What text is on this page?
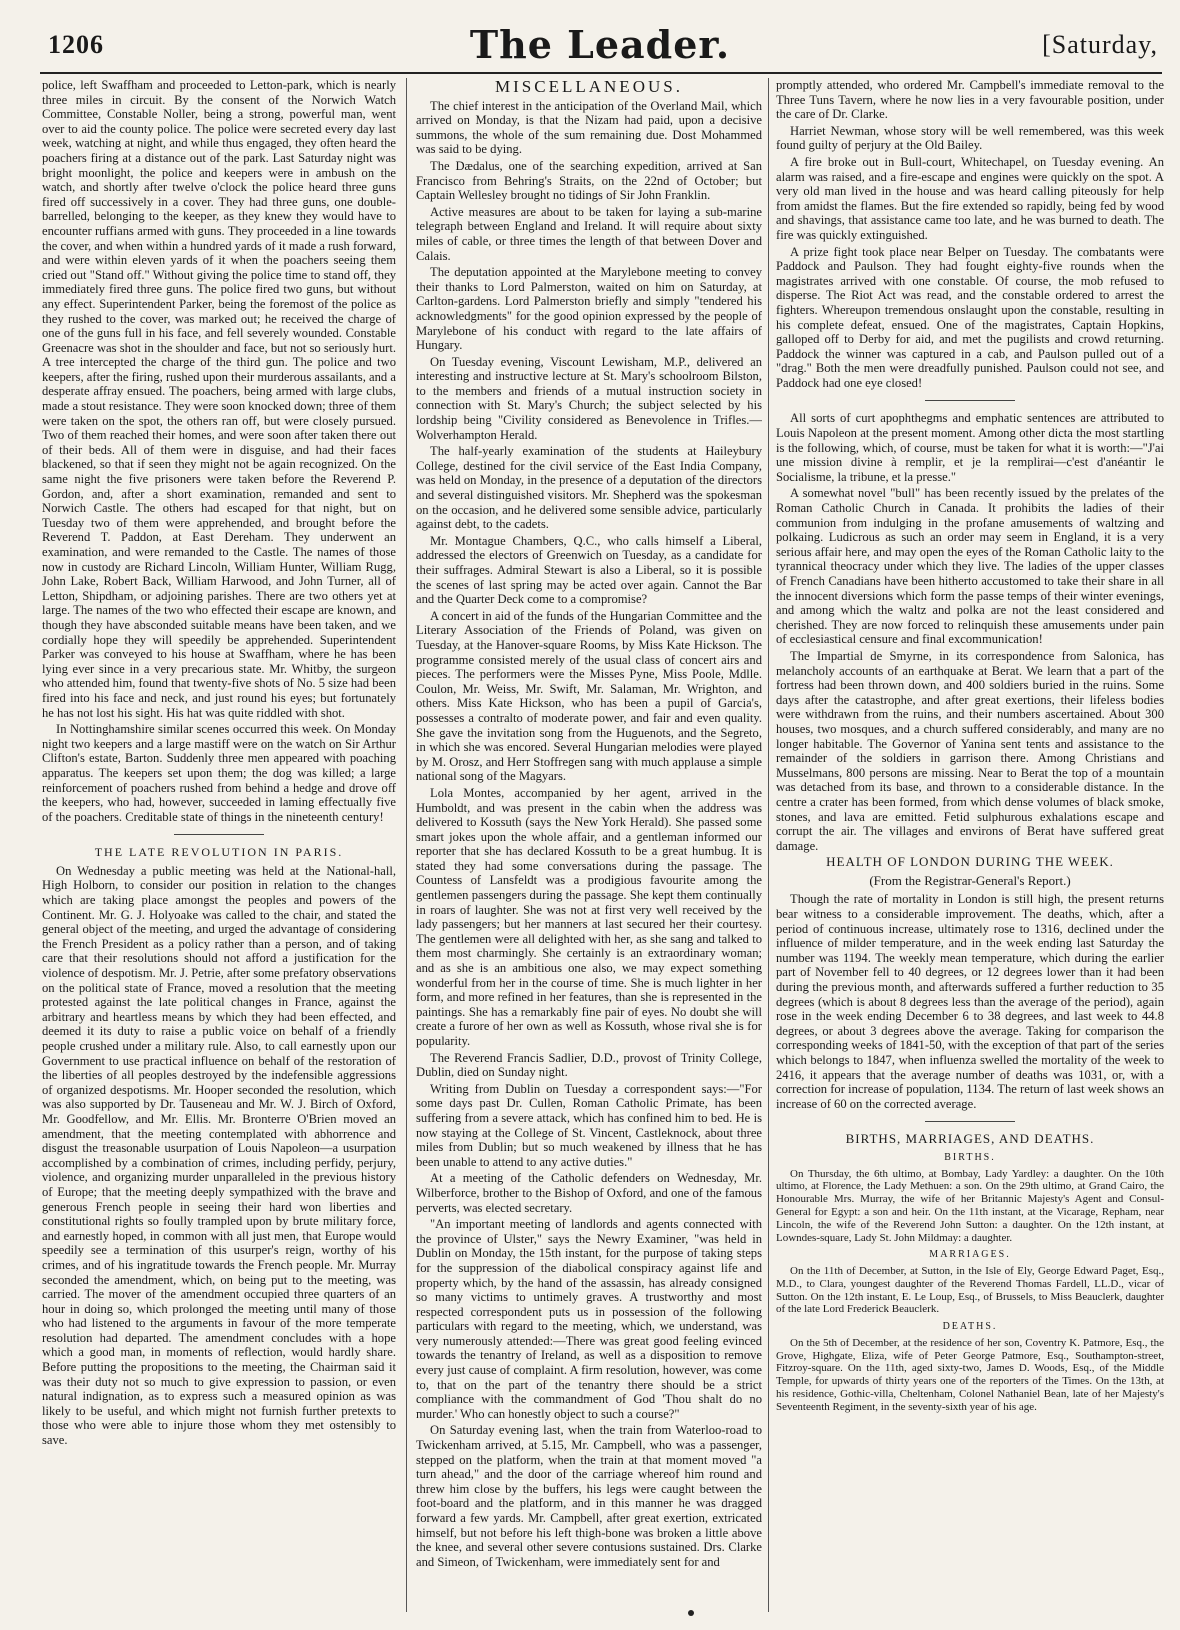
1206	The Leader.	[Saturday,

police, left Swaffham and proceeded to Letton-park, which is nearly three miles in circuit. By the consent of the Norwich Watch Committee, Constable Noller, being a strong, powerful man, went over to aid the county police. The police were secreted every day last week, watching at night, and while thus engaged, they often heard the poachers firing at a distance out of the park. Last Saturday night was bright moonlight, the police and keepers were in ambush on the watch, and shortly after twelve o'clock the police heard three guns fired off successively in a cover. They had three guns, one double-barrelled, belonging to the keeper, as they knew they would have to encounter ruffians armed with guns. They proceeded in a line towards the cover, and when within a hundred yards of it made a rush forward, and were within eleven yards of it when the poachers seeing them cried out "Stand off." Without giving the police time to stand off, they immediately fired three guns. The police fired two guns, but without any effect. Superintendent Parker, being the foremost of the police as they rushed to the cover, was marked out; he received the charge of one of the guns full in his face, and fell severely wounded. Constable Greenacre was shot in the shoulder and face, but not so seriously hurt. A tree intercepted the charge of the third gun. The police and two keepers, after the firing, rushed upon their murderous assailants, and a desperate affray ensued. The poachers, being armed with large clubs, made a stout resistance. They were soon knocked down; three of them were taken on the spot, the others ran off, but were closely pursued. Two of them reached their homes, and were soon after taken there out of their beds. All of them were in disguise, and had their faces blackened, so that if seen they might not be again recognized. On the same night the five prisoners were taken before the Reverend P. Gordon, and, after a short examination, remanded and sent to Norwich Castle. The others had escaped for that night, but on Tuesday two of them were apprehended, and brought before the Reverend T. Paddon, at East Dereham. They underwent an examination, and were remanded to the Castle. The names of those now in custody are Richard Lincoln, William Hunter, William Rugg, John Lake, Robert Back, William Harwood, and John Turner, all of Letton, Shipdham, or adjoining parishes. There are two others yet at large. The names of the two who effected their escape are known, and though they have absconded suitable means have been taken, and we cordially hope they will speedily be apprehended. Superintendent Parker was conveyed to his house at Swaffham, where he has been lying ever since in a very precarious state. Mr. Whitby, the surgeon who attended him, found that twenty-five shots of No. 5 size had been fired into his face and neck, and just round his eyes; but fortunately he has not lost his sight. His hat was quite riddled with shot.

In Nottinghamshire similar scenes occurred this week. On Monday night two keepers and a large mastiff were on the watch on Sir Arthur Clifton's estate, Barton. Suddenly three men appeared with poaching apparatus. The keepers set upon them; the dog was killed; a large reinforcement of poachers rushed from behind a hedge and drove off the keepers, who had, however, succeeded in laming effectually five of the poachers. Creditable state of things in the nineteenth century!

THE LATE REVOLUTION IN PARIS.

On Wednesday a public meeting was held at the National-hall, High Holborn, to consider our position in relation to the changes which are taking place amongst the peoples and powers of the Continent. Mr. G. J. Holyoake was called to the chair, and stated the general object of the meeting, and urged the advantage of considering the French President as a policy rather than a person, and of taking care that their resolutions should not afford a justification for the violence of despotism. Mr. J. Petrie, after some prefatory observations on the political state of France, moved a resolution that the meeting protested against the late political changes in France, against the arbitrary and heartless means by which they had been effected, and deemed it its duty to raise a public voice on behalf of a friendly people crushed under a military rule. Also, to call earnestly upon our Government to use practical influence on behalf of the restoration of the liberties of all peoples destroyed by the indefensible aggressions of organized despotisms. Mr. Hooper seconded the resolution, which was also supported by Dr. Tauseneau and Mr. W. J. Birch of Oxford, Mr. Goodfellow, and Mr. Ellis. Mr. Bronterre O'Brien moved an amendment, that the meeting contemplated with abhorrence and disgust the treasonable usurpation of Louis Napoleon—a usurpation accomplished by a combination of crimes, including perfidy, perjury, violence, and organizing murder unparalleled in the previous history of Europe; that the meeting deeply sympathized with the brave and generous French people in seeing their hard won liberties and constitutional rights so foully trampled upon by brute military force, and earnestly hoped, in common with all just men, that Europe would speedily see a termination of this usurper's reign, worthy of his crimes, and of his ingratitude towards the French people. Mr. Murray seconded the amendment, which, on being put to the meeting, was carried. The mover of the amendment occupied three quarters of an hour in doing so, which prolonged the meeting until many of those who had listened to the arguments in favour of the more temperate resolution had departed. The amendment concludes with a hope which a good man, in moments of reflection, would hardly share. Before putting the propositions to the meeting, the Chairman said it was their duty not so much to give expression to passion, or even natural indignation, as to express such a measured opinion as was likely to be useful, and which might not furnish further pretexts to those who were able to injure those whom they met ostensibly to save.

MISCELLANEOUS.

The chief interest in the anticipation of the Overland Mail, which arrived on Monday, is that the Nizam had paid, upon a decisive summons, the whole of the sum remaining due. Dost Mohammed was said to be dying.

The Dædalus, one of the searching expedition, arrived at San Francisco from Behring's Straits, on the 22nd of October; but Captain Wellesley brought no tidings of Sir John Franklin.

Active measures are about to be taken for laying a sub-marine telegraph between England and Ireland. It will require about sixty miles of cable, or three times the length of that between Dover and Calais.

The deputation appointed at the Marylebone meeting to convey their thanks to Lord Palmerston, waited on him on Saturday, at Carlton-gardens. Lord Palmerston briefly and simply "tendered his acknowledgments" for the good opinion expressed by the people of Marylebone of his conduct with regard to the late affairs of Hungary.

On Tuesday evening, Viscount Lewisham, M.P., delivered an interesting and instructive lecture at St. Mary's schoolroom Bilston, to the members and friends of a mutual instruction society in connection with St. Mary's Church; the subject selected by his lordship being "Civility considered as Benevolence in Trifles.—Wolverhampton Herald.

The half-yearly examination of the students at Haileybury College, destined for the civil service of the East India Company, was held on Monday, in the presence of a deputation of the directors and several distinguished visitors. Mr. Shepherd was the spokesman on the occasion, and he delivered some sensible advice, particularly against debt, to the cadets.

Mr. Montague Chambers, Q.C., who calls himself a Liberal, addressed the electors of Greenwich on Tuesday, as a candidate for their suffrages. Admiral Stewart is also a Liberal, so it is possible the scenes of last spring may be acted over again. Cannot the Bar and the Quarter Deck come to a compromise?

A concert in aid of the funds of the Hungarian Committee and the Literary Association of the Friends of Poland, was given on Tuesday, at the Hanover-square Rooms, by Miss Kate Hickson. The programme consisted merely of the usual class of concert airs and pieces. The performers were the Misses Pyne, Miss Poole, Mdlle. Coulon, Mr. Weiss, Mr. Swift, Mr. Salaman, Mr. Wrighton, and others. Miss Kate Hickson, who has been a pupil of Garcia's, possesses a contralto of moderate power, and fair and even quality. She gave the invitation song from the Huguenots, and the Segreto, in which she was encored. Several Hungarian melodies were played by M. Orosz, and Herr Stoffregen sang with much applause a simple national song of the Magyars.

Lola Montes, accompanied by her agent, arrived in the Humboldt, and was present in the cabin when the address was delivered to Kossuth (says the New York Herald). She passed some smart jokes upon the whole affair, and a gentleman informed our reporter that she has declared Kossuth to be a great humbug. It is stated they had some conversations during the passage. The Countess of Lansfeldt was a prodigious favourite among the gentlemen passengers during the passage. She kept them continually in roars of laughter. She was not at first very well received by the lady passengers; but her manners at last secured her their courtesy. The gentlemen were all delighted with her, as she sang and talked to them most charmingly. She certainly is an extraordinary woman; and as she is an ambitious one also, we may expect something wonderful from her in the course of time. She is much lighter in her form, and more refined in her features, than she is represented in the paintings. She has a remarkably fine pair of eyes. No doubt she will create a furore of her own as well as Kossuth, whose rival she is for popularity.

The Reverend Francis Sadlier, D.D., provost of Trinity College, Dublin, died on Sunday night.

Writing from Dublin on Tuesday a correspondent says:—"For some days past Dr. Cullen, Roman Catholic Primate, has been suffering from a severe attack, which has confined him to bed. He is now staying at the College of St. Vincent, Castleknock, about three miles from Dublin; but so much weakened by illness that he has been unable to attend to any active duties."

At a meeting of the Catholic defenders on Wednesday, Mr. Wilberforce, brother to the Bishop of Oxford, and one of the famous perverts, was elected secretary.

"An important meeting of landlords and agents connected with the province of Ulster," says the Newry Examiner, "was held in Dublin on Monday, the 15th instant, for the purpose of taking steps for the suppression of the diabolical conspiracy against life and property which, by the hand of the assassin, has already consigned so many victims to untimely graves. A trustworthy and most respected correspondent puts us in possession of the following particulars with regard to the meeting, which, we understand, was very numerously attended:—There was great good feeling evinced towards the tenantry of Ireland, as well as a disposition to remove every just cause of complaint. A firm resolution, however, was come to, that on the part of the tenantry there should be a strict compliance with the commandment of God 'Thou shalt do no murder.' Who can honestly object to such a course?"

On Saturday evening last, when the train from Waterloo-road to Twickenham arrived, at 5.15, Mr. Campbell, who was a passenger, stepped on the platform, when the train at that moment moved "a turn ahead," and the door of the carriage whereof him round and threw him close by the buffers, his legs were caught between the foot-board and the platform, and in this manner he was dragged forward a few yards. Mr. Campbell, after great exertion, extricated himself, but not before his left thigh-bone was broken a little above the knee, and several other severe contusions sustained. Drs. Clarke and Simeon, of Twickenham, were immediately sent for and

promptly attended, who ordered Mr. Campbell's immediate removal to the Three Tuns Tavern, where he now lies in a very favourable position, under the care of Dr. Clarke.

Harriet Newman, whose story will be well remembered, was this week found guilty of perjury at the Old Bailey.

A fire broke out in Bull-court, Whitechapel, on Tuesday evening. An alarm was raised, and a fire-escape and engines were quickly on the spot. A very old man lived in the house and was heard calling piteously for help from amidst the flames. But the fire extended so rapidly, being fed by wood and shavings, that assistance came too late, and he was burned to death. The fire was quickly extinguished.

A prize fight took place near Belper on Tuesday. The combatants were Paddock and Paulson. They had fought eighty-five rounds when the magistrates arrived with one constable. Of course, the mob refused to disperse. The Riot Act was read, and the constable ordered to arrest the fighters. Whereupon tremendous onslaught upon the constable, resulting in his complete defeat, ensued. One of the magistrates, Captain Hopkins, galloped off to Derby for aid, and met the pugilists and crowd returning. Paddock the winner was captured in a cab, and Paulson pulled out of a "drag." Both the men were dreadfully punished. Paulson could not see, and Paddock had one eye closed!

All sorts of curt apophthegms and emphatic sentences are attributed to Louis Napoleon at the present moment. Among other dicta the most startling is the following, which, of course, must be taken for what it is worth:—"J'ai une mission divine à remplir, et je la remplirai—c'est d'anéantir le Socialisme, la tribune, et la presse."

A somewhat novel "bull" has been recently issued by the prelates of the Roman Catholic Church in Canada. It prohibits the ladies of their communion from indulging in the profane amusements of waltzing and polkaing. Ludicrous as such an order may seem in England, it is a very serious affair here, and may open the eyes of the Roman Catholic laity to the tyrannical theocracy under which they live. The ladies of the upper classes of French Canadians have been hitherto accustomed to take their share in all the innocent diversions which form the passe temps of their winter evenings, and among which the waltz and polka are not the least considered and cherished. They are now forced to relinquish these amusements under pain of ecclesiastical censure and final excommunication!

The Impartial de Smyrne, in its correspondence from Salonica, has melancholy accounts of an earthquake at Berat. We learn that a part of the fortress had been thrown down, and 400 soldiers buried in the ruins. Some days after the catastrophe, and after great exertions, their lifeless bodies were withdrawn from the ruins, and their numbers ascertained. About 300 houses, two mosques, and a church suffered considerably, and many are no longer habitable. The Governor of Yanina sent tents and assistance to the remainder of the soldiers in garrison there. Among Christians and Musselmans, 800 persons are missing. Near to Berat the top of a mountain was detached from its base, and thrown to a considerable distance. In the centre a crater has been formed, from which dense volumes of black smoke, stones, and lava are emitted. Fetid sulphurous exhalations escape and corrupt the air. The villages and environs of Berat have suffered great damage.

HEALTH OF LONDON DURING THE WEEK.

(From the Registrar-General's Report.)

Though the rate of mortality in London is still high, the present returns bear witness to a considerable improvement. The deaths, which, after a period of continuous increase, ultimately rose to 1316, declined under the influence of milder temperature, and in the week ending last Saturday the number was 1194. The weekly mean temperature, which during the earlier part of November fell to 40 degrees, or 12 degrees lower than it had been during the previous month, and afterwards suffered a further reduction to 35 degrees (which is about 8 degrees less than the average of the period), again rose in the week ending December 6 to 38 degrees, and last week to 44.8 degrees, or about 3 degrees above the average. Taking for comparison the corresponding weeks of 1841-50, with the exception of that part of the series which belongs to 1847, when influenza swelled the mortality of the week to 2416, it appears that the average number of deaths was 1031, or, with a correction for increase of population, 1134. The return of last week shows an increase of 60 on the corrected average.

BIRTHS, MARRIAGES, AND DEATHS.

BIRTHS.

On Thursday, the 6th ultimo, at Bombay, Lady Yardley: a daughter. On the 10th ultimo, at Florence, the Lady Methuen: a son. On the 29th ultimo, at Grand Cairo, the Honourable Mrs. Murray, the wife of her Britannic Majesty's Agent and Consul-General for Egypt: a son and heir. On the 11th instant, at the Vicarage, Repham, near Lincoln, the wife of the Reverend John Sutton: a daughter. On the 12th instant, at Lowndes-square, Lady St. John Mildmay: a daughter.

MARRIAGES.

On the 11th of December, at Sutton, in the Isle of Ely, George Edward Paget, Esq., M.D., to Clara, youngest daughter of the Reverend Thomas Fardell, LL.D., vicar of Sutton. On the 12th instant, E. Le Loup, Esq., of Brussels, to Miss Beauclerk, daughter of the late Lord Frederick Beauclerk.

DEATHS.

On the 5th of December, at the residence of her son, Coventry K. Patmore, Esq., the Grove, Highgate, Eliza, wife of Peter George Patmore, Esq., Southampton-street, Fitzroy-square. On the 11th, aged sixty-two, James D. Woods, Esq., of the Middle Temple, for upwards of thirty years one of the reporters of the Times. On the 13th, at his residence, Gothic-villa, Cheltenham, Colonel Nathaniel Bean, late of her Majesty's Seventeenth Regiment, in the seventy-sixth year of his age.
